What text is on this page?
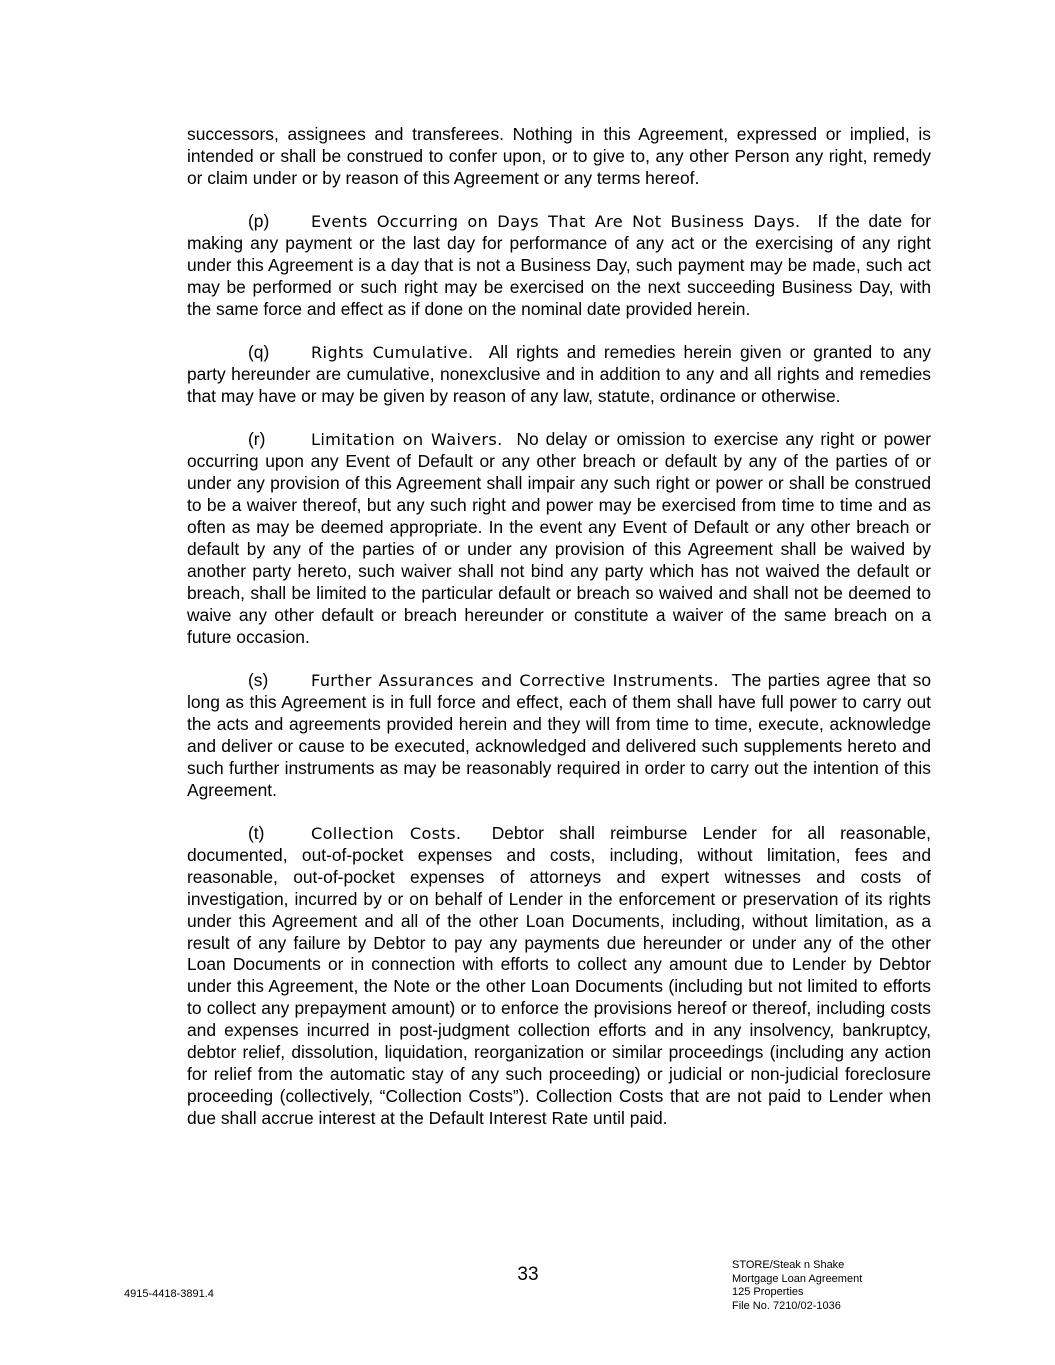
successors, assignees and transferees. Nothing in this Agreement, expressed or implied, is intended or shall be construed to confer upon, or to give to, any other Person any right, remedy or claim under or by reason of this Agreement or any terms hereof.

(p)	Events Occurring on Days That Are Not Business Days. If the date for making any payment or the last day for performance of any act or the exercising of any right under this Agreement is a day that is not a Business Day, such payment may be made, such act may be performed or such right may be exercised on the next succeeding Business Day, with the same force and effect as if done on the nominal date provided herein.

(q)	Rights Cumulative. All rights and remedies herein given or granted to any party hereunder are cumulative, nonexclusive and in addition to any and all rights and remedies that may have or may be given by reason of any law, statute, ordinance or otherwise.

(r)	Limitation on Waivers. No delay or omission to exercise any right or power occurring upon any Event of Default or any other breach or default by any of the parties of or under any provision of this Agreement shall impair any such right or power or shall be construed to be a waiver thereof, but any such right and power may be exercised from time to time and as often as may be deemed appropriate. In the event any Event of Default or any other breach or default by any of the parties of or under any provision of this Agreement shall be waived by another party hereto, such waiver shall not bind any party which has not waived the default or breach, shall be limited to the particular default or breach so waived and shall not be deemed to waive any other default or breach hereunder or constitute a waiver of the same breach on a future occasion.

(s)	Further Assurances and Corrective Instruments. The parties agree that so long as this Agreement is in full force and effect, each of them shall have full power to carry out the acts and agreements provided herein and they will from time to time, execute, acknowledge and deliver or cause to be executed, acknowledged and delivered such supplements hereto and such further instruments as may be reasonably required in order to carry out the intention of this Agreement.

(t)	Collection Costs. Debtor shall reimburse Lender for all reasonable, documented, out-of-pocket expenses and costs, including, without limitation, fees and reasonable, out-of-pocket expenses of attorneys and expert witnesses and costs of investigation, incurred by or on behalf of Lender in the enforcement or preservation of its rights under this Agreement and all of the other Loan Documents, including, without limitation, as a result of any failure by Debtor to pay any payments due hereunder or under any of the other Loan Documents or in connection with efforts to collect any amount due to Lender by Debtor under this Agreement, the Note or the other Loan Documents (including but not limited to efforts to collect any prepayment amount) or to enforce the provisions hereof or thereof, including costs and expenses incurred in post-judgment collection efforts and in any insolvency, bankruptcy, debtor relief, dissolution, liquidation, reorganization or similar proceedings (including any action for relief from the automatic stay of any such proceeding) or judicial or non-judicial foreclosure proceeding (collectively, “Collection Costs”). Collection Costs that are not paid to Lender when due shall accrue interest at the Default Interest Rate until paid.

33
4915-4418-3891.4
STORE/Steak n Shake
Mortgage Loan Agreement
125 Properties
File No. 7210/02-1036
